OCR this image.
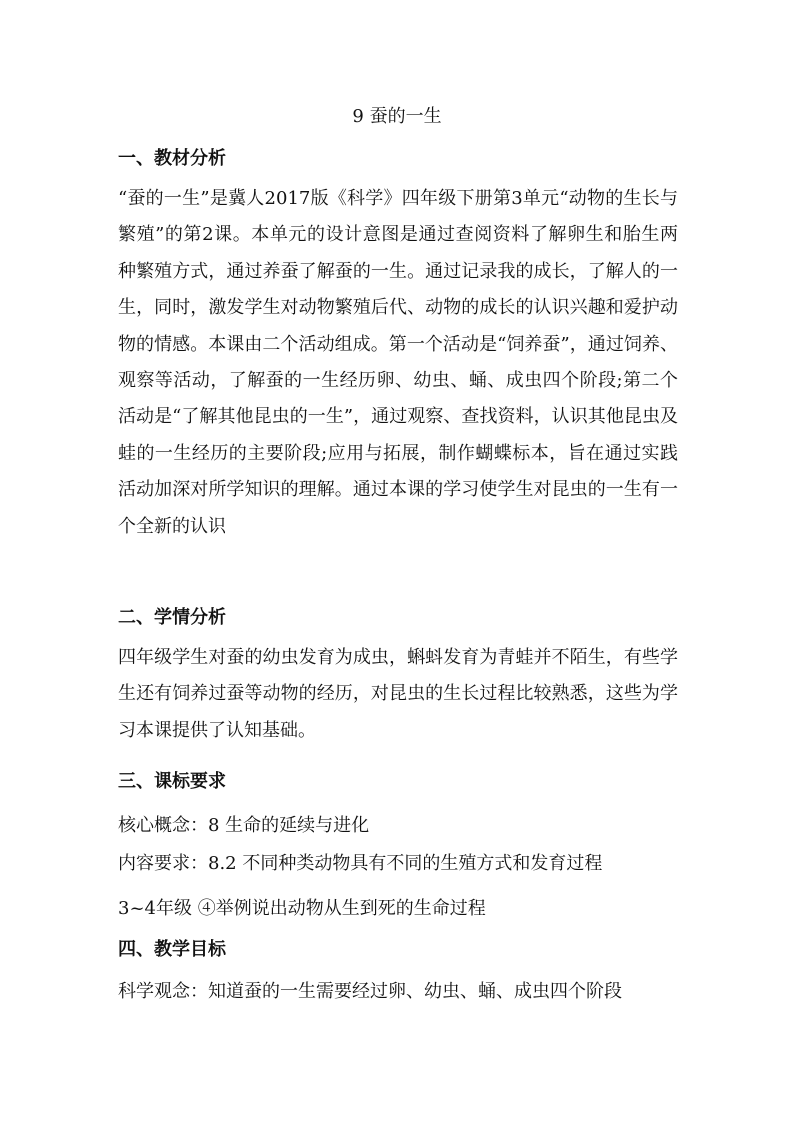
9 蚕的一生
一、教材分析
“蚕的一生”是冀人2017版《科学》四年级下册第3单元“动物的生长与繁殖”的第2课。本单元的设计意图是通过查阅资料了解卵生和胎生两种繁殖方式，通过养蚕了解蚕的一生。通过记录我的成长，了解人的一生，同时，激发学生对动物繁殖后代、动物的成长的认识兴趣和爱护动物的情感。本课由二个活动组成。第一个活动是“饲养蚕”，通过饲养、观察等活动，了解蚕的一生经历卵、幼虫、蛹、成虫四个阶段;第二个活动是“了解其他昆虫的一生”，通过观察、查找资料，认识其他昆虫及蛙的一生经历的主要阶段;应用与拓展，制作蝴蝶标本，旨在通过实践活动加深对所学知识的理解。通过本课的学习使学生对昆虫的一生有一个全新的认识
二、学情分析
四年级学生对蚕的幼虫发育为成虫，蝌蚪发育为青蛙并不陌生，有些学生还有饲养过蚕等动物的经历，对昆虫的生长过程比较熟悉，这些为学习本课提供了认知基础。
三、课标要求
核心概念：8 生命的延续与进化
内容要求：8.2 不同种类动物具有不同的生殖方式和发育过程
3~4年级 ④举例说出动物从生到死的生命过程
四、教学目标
科学观念：知道蚕的一生需要经过卵、幼虫、蛹、成虫四个阶段
